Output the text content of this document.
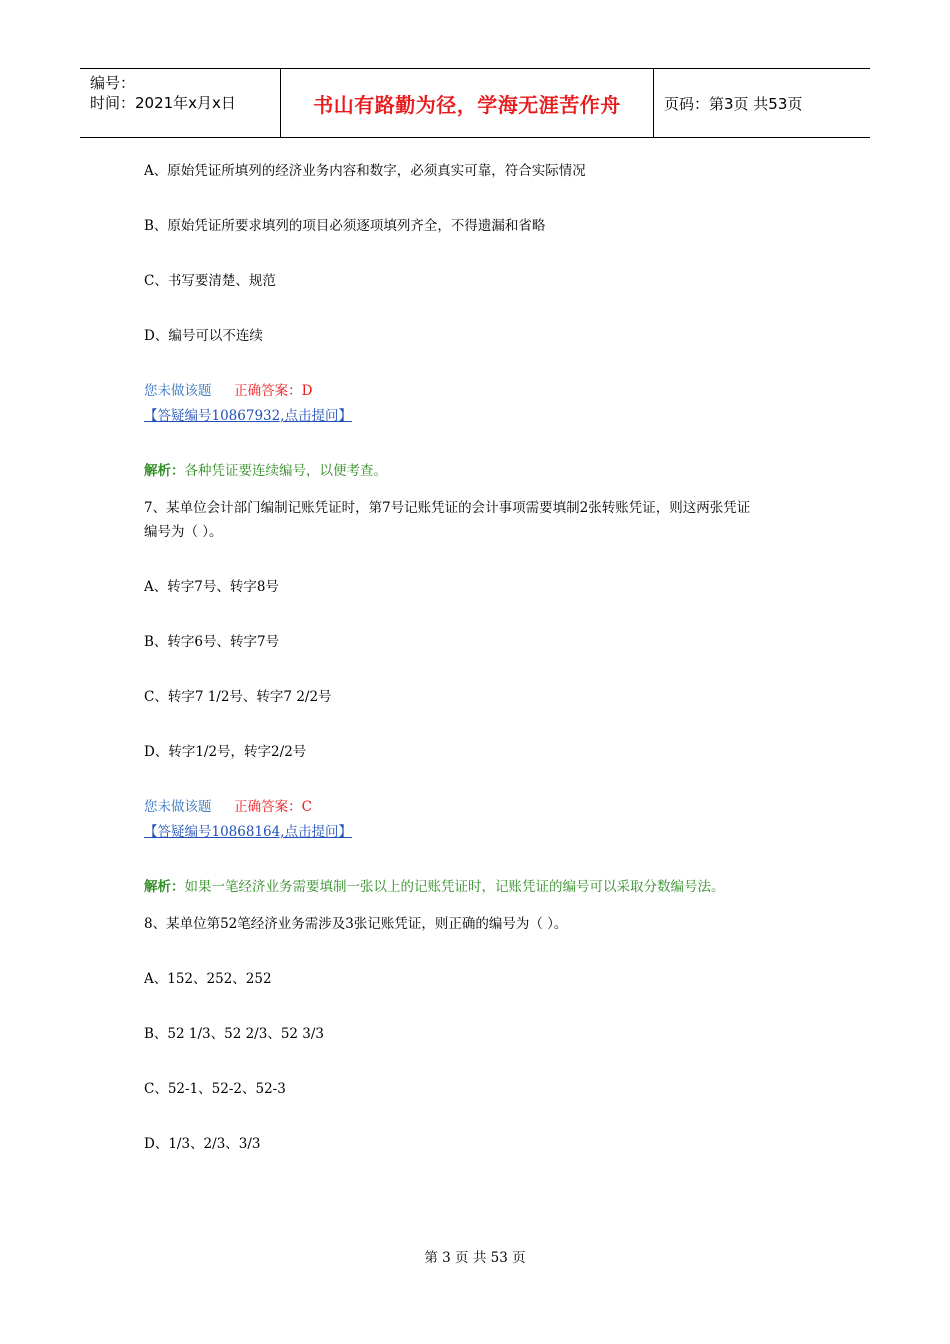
编号：
时间：2021年x月x日	书山有路勤为径，学海无涯苦作舟	页码：第3页 共53页
A、原始凭证所填列的经济业务内容和数字，必须真实可靠，符合实际情况
B、原始凭证所要求填列的项目必须逐项填列齐全，不得遗漏和省略
C、书写要清楚、规范
D、编号可以不连续
您未做该题 正确答案：D
【答疑编号10867932,点击提问】
解析：各种凭证要连续编号，以便考查。
7、某单位会计部门编制记账凭证时，第7号记账凭证的会计事项需要填制2张转账凭证，则这两张凭证
编号为（ ）。
A、转字7号、转字8号
B、转字6号、转字7号
C、转字7 1/2号、转字7 2/2号
D、转字1/2号，转字2/2号
您未做该题 正确答案：C
【答疑编号10868164,点击提问】
解析：如果一笔经济业务需要填制一张以上的记账凭证时，记账凭证的编号可以采取分数编号法。
8、某单位第52笔经济业务需涉及3张记账凭证，则正确的编号为（ ）。
A、152、252、252
B、52 1/3、52 2/3、52 3/3
C、52-1、52-2、52-3
D、1/3、2/3、3/3
第 3 页 共 53 页
